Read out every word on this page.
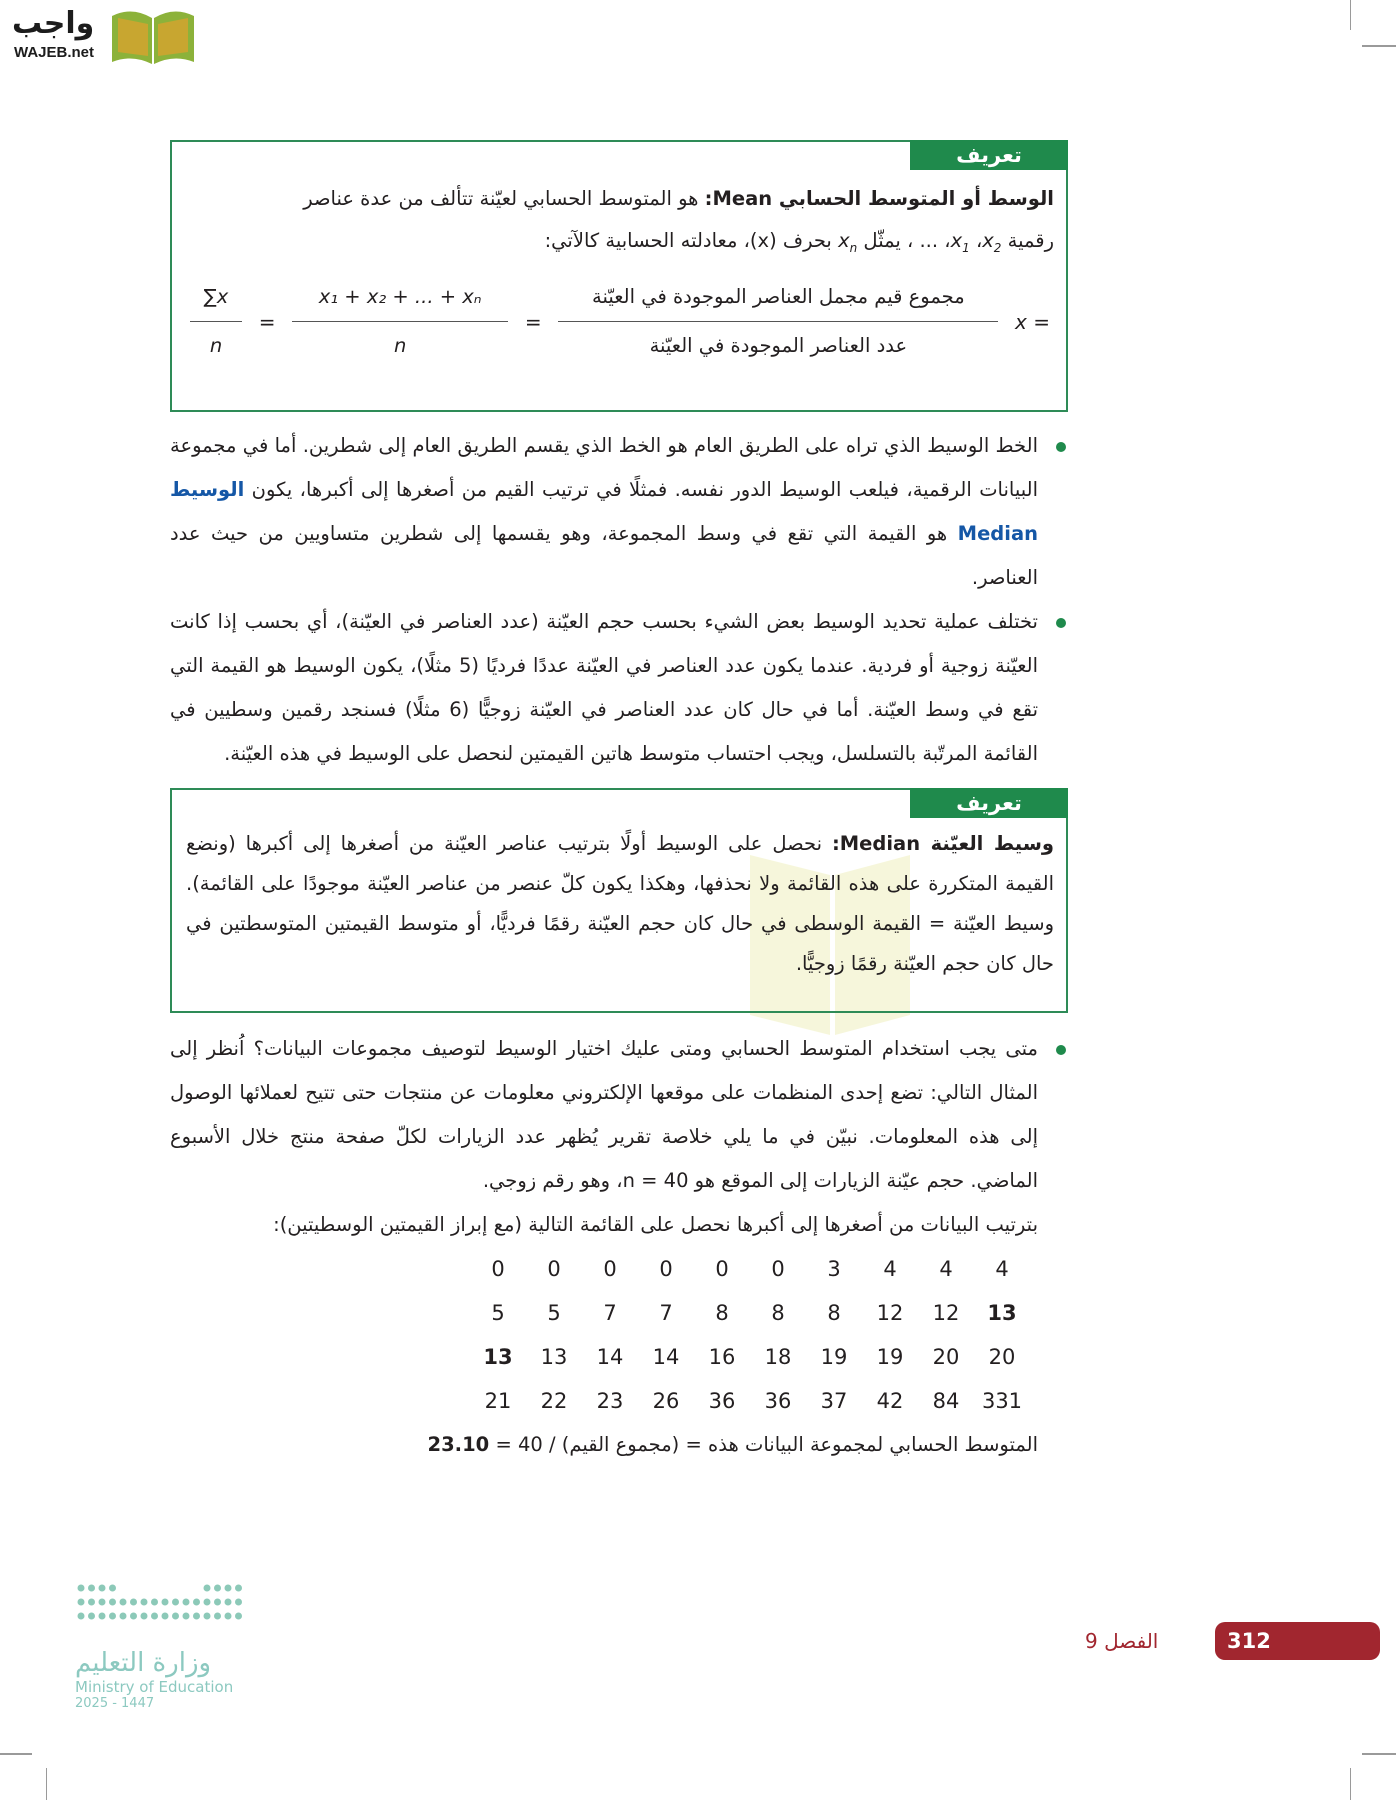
واجب
WAJEB.net
تعريف
الوسط أو المتوسط الحسابي Mean: هو المتوسط الحسابي لعيّنة تتألف من عدة عناصر
رقمية $x_2،$ $x_1،$ ... ، يمثّل $x_n$ بحرف (x)، معادلته الحسابية كالآتي:
$\frac{\sum x}{n} = \frac{\text{x₁ + x₂ + ... + xₙ}}{n} = \frac{\text{مجموع قيم مجمل العناصر الموجودة في العيّنة}}{\text{عدد العناصر الموجودة في العيّنة}}$ x =
الخط الوسيط الذي تراه على الطريق العام هو الخط الذي يقسم الطريق العام إلى شطرين. أما في مجموعة البيانات الرقمية، فيلعب الوسيط الدور نفسه. فمثلًا في ترتيب القيم من أصغرها إلى أكبرها، يكون الوسيط Median هو القيمة التي تقع في وسط المجموعة، وهو يقسمها إلى شطرين متساويين من حيث عدد العناصر.
تختلف عملية تحديد الوسيط بعض الشيء بحسب حجم العيّنة (عدد العناصر في العيّنة)، أي بحسب إذا كانت العيّنة زوجية أو فردية. عندما يكون عدد العناصر في العيّنة عددًا فرديًا (5 مثلًا)، يكون الوسيط هو القيمة التي تقع في وسط العيّنة. أما في حال كان عدد العناصر في العيّنة زوجيًّا (6 مثلًا) فسنجد رقمين وسطيين في القائمة المرتّبة بالتسلسل، ويجب احتساب متوسط هاتين القيمتين لنحصل على الوسيط في هذه العيّنة.
تعريف
وسيط العيّنة Median: نحصل على الوسيط أولًا بترتيب عناصر العيّنة من أصغرها إلى أكبرها (ونضع القيمة المتكررة على هذه القائمة ولا نحذفها، وهكذا يكون كلّ عنصر من عناصر العيّنة موجودًا على القائمة). وسيط العيّنة = القيمة الوسطى في حال كان حجم العيّنة رقمًا فرديًّا، أو متوسط القيمتين المتوسطتين في حال كان حجم العيّنة رقمًا زوجيًّا.
متى يجب استخدام المتوسط الحسابي ومتى عليك اختيار الوسيط لتوصيف مجموعات البيانات؟ اُنظر إلى المثال التالي: تضع إحدى المنظمات على موقعها الإلكتروني معلومات عن منتجات حتى تتيح لعملائها الوصول إلى هذه المعلومات. نبيّن في ما يلي خلاصة تقرير يُظهر عدد الزيارات لكلّ صفحة منتج خلال الأسبوع الماضي. حجم عيّنة الزيارات إلى الموقع هو n = 40، وهو رقم زوجي.
بترتيب البيانات من أصغرها إلى أكبرها نحصل على القائمة التالية (مع إبراز القيمتين الوسطيتين):
0	0	0	0	0	0	3	4	4	4
5	5	7	7	8	8	8	12	12	13
13	13	14	14	16	18	19	19	20	20
21	22	23	26	36	36	37	42	84	331
المتوسط الحسابي لمجموعة البيانات هذه = (مجموع القيم) / 40 = 23.10
وزارة التعليم
Ministry of Education
2025 - 1447
الفصل 9	312
